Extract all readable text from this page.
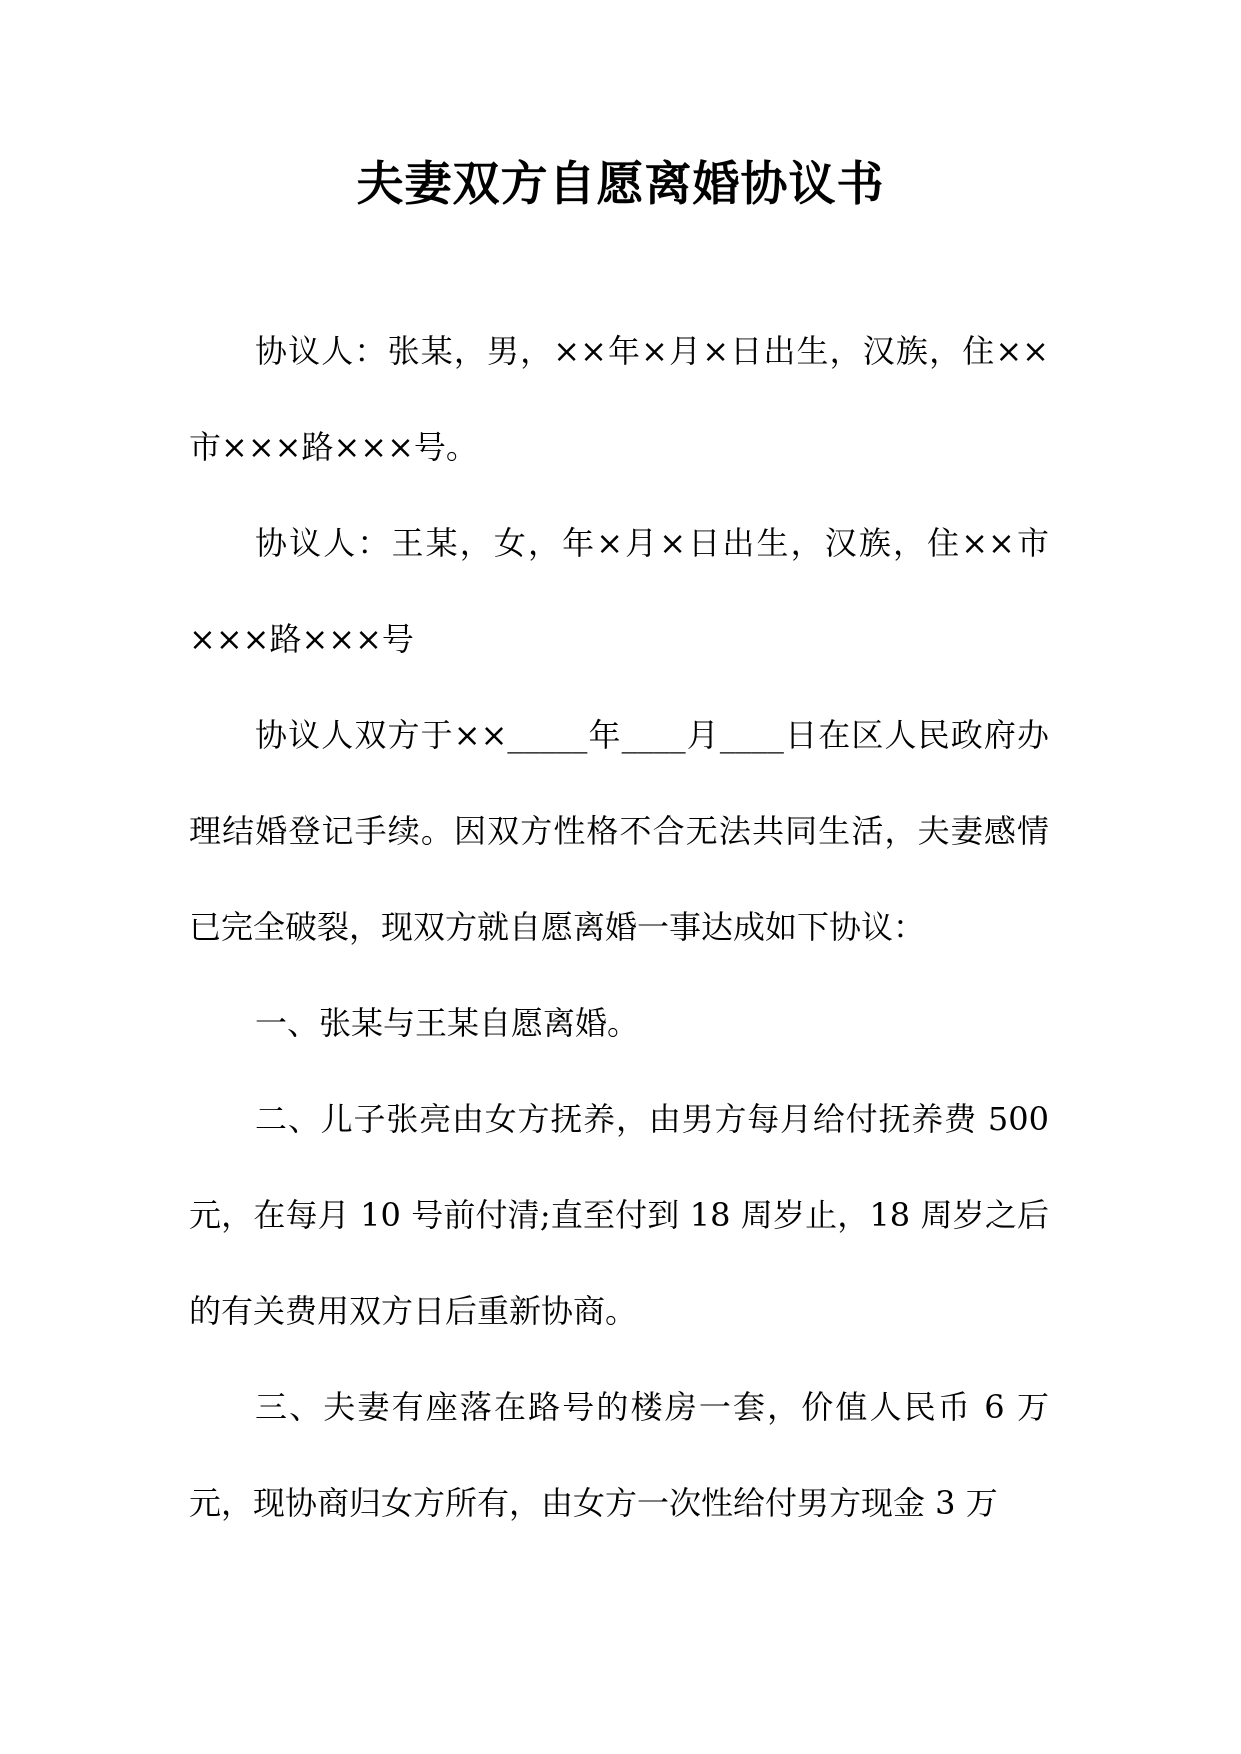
夫妻双方自愿离婚协议书

协议人：张某，男，××年×月×日出生，汉族，住××市×××路×××号。

协议人：王某，女，年×月×日出生，汉族，住××市×××路×××号

协议人双方于××_____年____月____日在区人民政府办理结婚登记手续。因双方性格不合无法共同生活，夫妻感情已完全破裂，现双方就自愿离婚一事达成如下协议：

一、张某与王某自愿离婚。

二、儿子张亮由女方抚养，由男方每月给付抚养费 500元，在每月 10 号前付清;直至付到 18 周岁止，18 周岁之后的有关费用双方日后重新协商。

三、夫妻有座落在路号的楼房一套，价值人民币 6 万元，现协商归女方所有，由女方一次性给付男方现金 3 万
